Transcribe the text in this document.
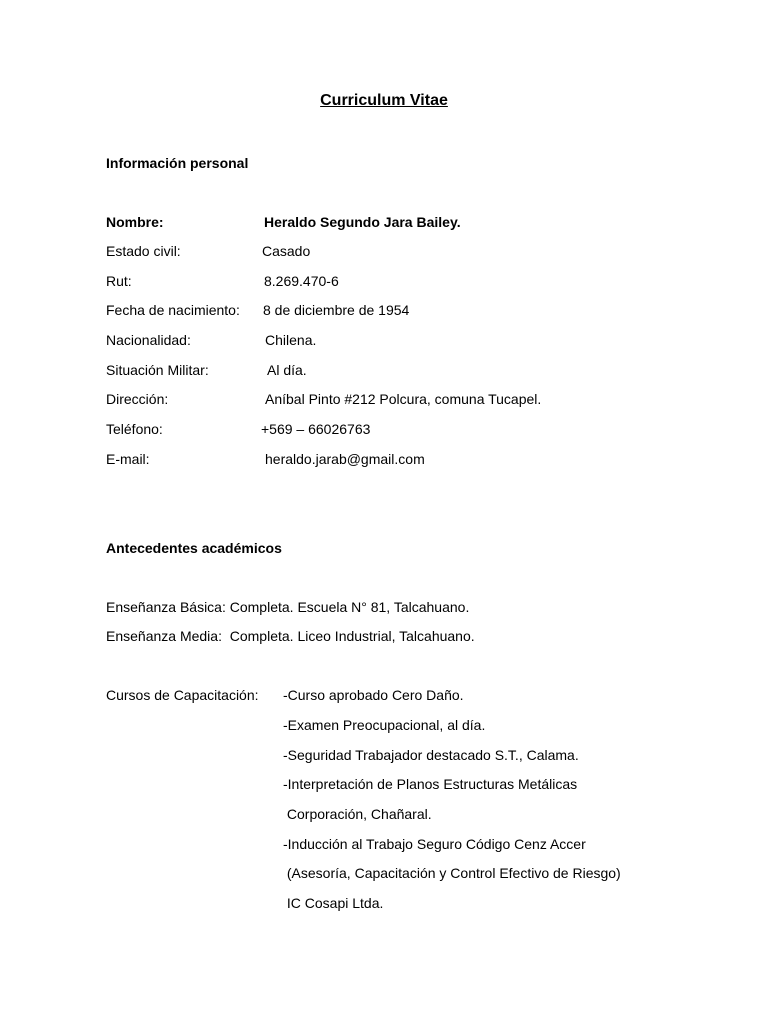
Curriculum Vitae
Información personal
Nombre:	Heraldo Segundo Jara Bailey.
Estado civil:	Casado
Rut:	8.269.470-6
Fecha de nacimiento: 8 de diciembre de 1954
Nacionalidad:	Chilena.
Situación Militar:	Al día.
Dirección:	Aníbal Pinto #212 Polcura, comuna Tucapel.
Teléfono:	+569 – 66026763
E-mail:	heraldo.jarab@gmail.com
Antecedentes académicos
Enseñanza Básica: Completa. Escuela N° 81, Talcahuano.
Enseñanza Media:  Completa. Liceo Industrial, Talcahuano.
Cursos de Capacitación: -Curso aprobado Cero Daño.
-Examen Preocupacional, al día.
-Seguridad Trabajador destacado S.T., Calama.
-Interpretación de Planos Estructuras Metálicas
Corporación, Chañaral.
-Inducción al Trabajo Seguro Código Cenz Accer
(Asesoría, Capacitación y Control Efectivo de Riesgo)
IC Cosapi Ltda.
